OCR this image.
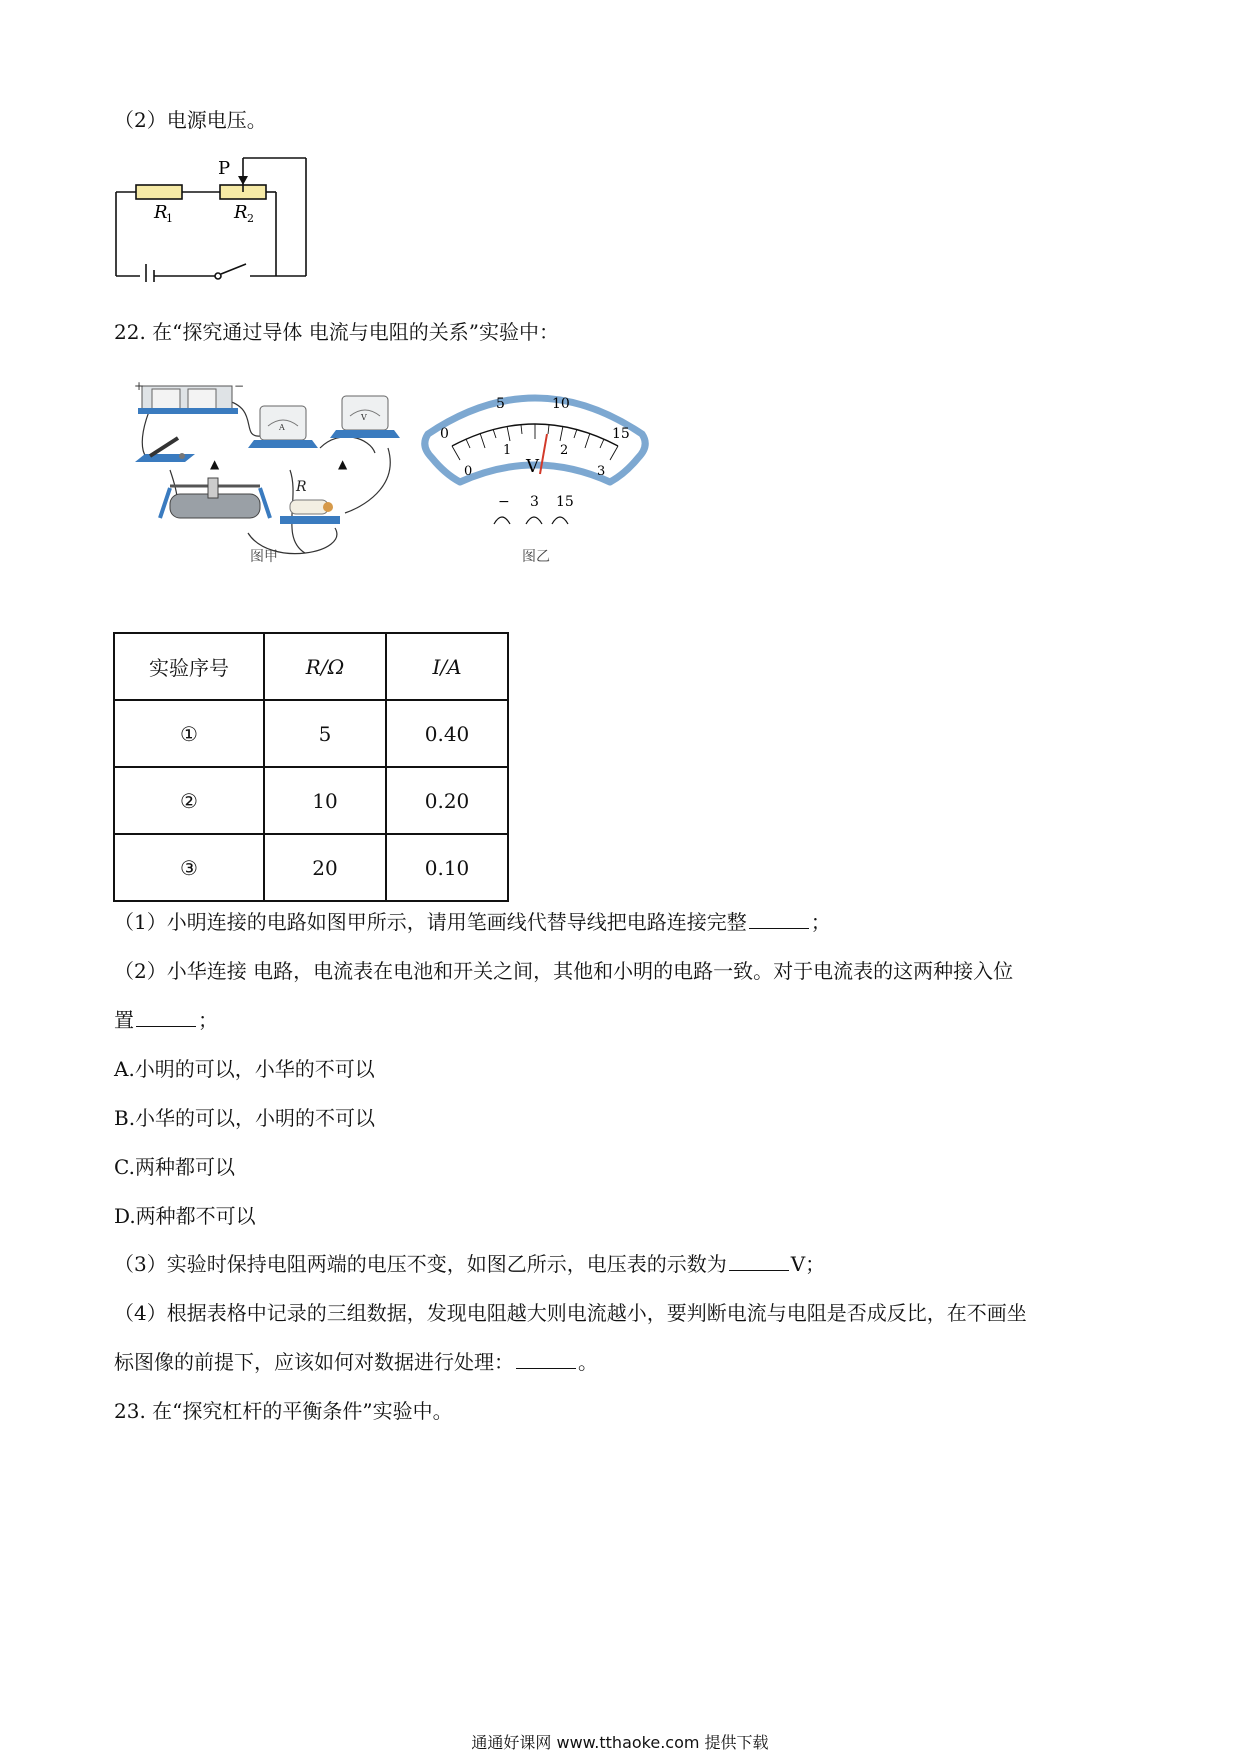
（2）电源电压。
P
R
1	R 2
22. 在“探究通过导体 电流与电阻的关系”实验中：
+	−
A
V
R
▲	▲
图甲
0
5	10
15
0
1	2
3
V
− 3 15
图乙
实验序号	R/Ω	I/A
①	5	0.40
②	10	0.20
③	20	0.10
（1）小明连接的电路如图甲所示，请用笔画线代替导线把电路连接完整	；
（2）小华连接 电路，电流表在电池和开关之间，其他和小明的电路一致。对于电流表的这两种接入位
置	；
A.小明的可以，小华的不可以
B.小华的可以，小明的不可以
C.两种都可以
D.两种都不可以
（3）实验时保持电阻两端的电压不变，如图乙所示，电压表的示数为	V；
（4）根据表格中记录的三组数据，发现电阻越大则电流越小，要判断电流与电阻是否成反比，在不画坐
标图像的前提下，应该如何对数据进行处理：	。
23. 在“探究杠杆的平衡条件”实验中。
通通好课网 www.tthaoke.com 提供下载
